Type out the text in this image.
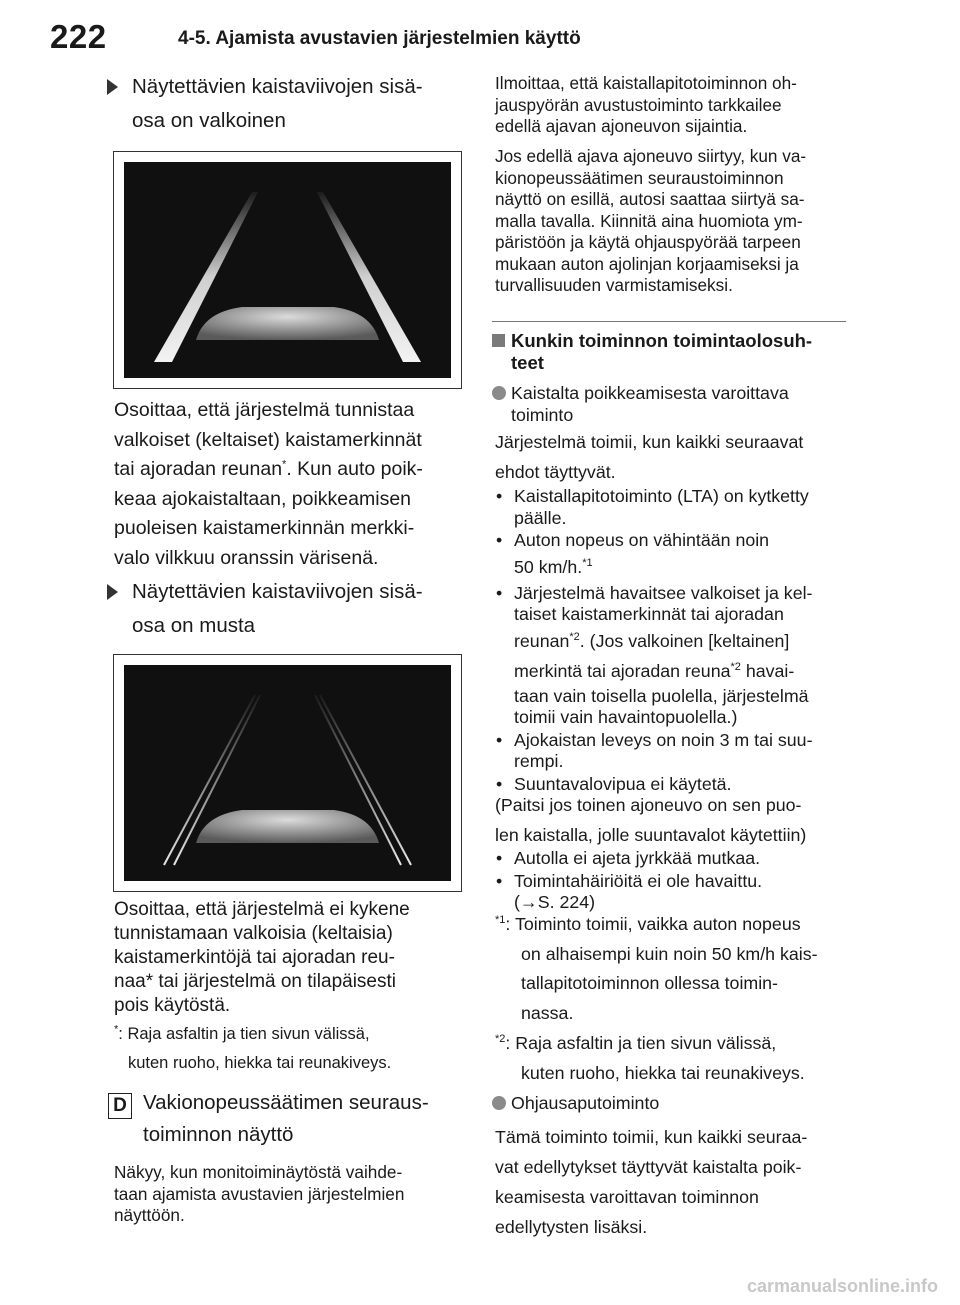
222	4-5. Ajamista avustavien järjestelmien käyttö
Näytettävien kaistaviivojen sisä-
osa on valkoinen

Osoittaa, että järjestelmä tunnistaa
valkoiset (keltaiset) kaistamerkinnät
tai ajoradan reunan*. Kun auto poik-
keaa ajokaistaltaan, poikkeamisen
puoleisen kaistamerkinnän merkki-
valo vilkkuu oranssin värisenä.

Näytettävien kaistaviivojen sisä-
osa on musta

Osoittaa, että järjestelmä ei kykene
tunnistamaan valkoisia (keltaisia)
kaistamerkintöjä tai ajoradan reu-
naa* tai järjestelmä on tilapäisesti
pois käytöstä.

*: Raja asfaltin ja tien sivun välissä,
kuten ruoho, hiekka tai reunakiveys.
D Vakionopeussäätimen seuraus-
toiminnon näyttö
Näkyy, kun monitoiminäytöstä vaihde-
taan ajamista avustavien järjestelmien
näyttöön.
Ilmoittaa, että kaistallapitotoiminnon oh-
jauspyörän avustustoiminto tarkkailee
edellä ajavan ajoneuvon sijaintia.
Jos edellä ajava ajoneuvo siirtyy, kun va-
kionopeussäätimen seuraustoiminnon
näyttö on esillä, autosi saattaa siirtyä sa-
malla tavalla. Kiinnitä aina huomiota ym-
päristöön ja käytä ohjauspyörää tarpeen
mukaan auton ajolinjan korjaamiseksi ja
turvallisuuden varmistamiseksi.
Kunkin toiminnon toimintaolosuh-
teet
Kaistalta poikkeamisesta varoittava
toiminto
Järjestelmä toimii, kun kaikki seuraavat
ehdot täyttyvät.
• Kaistallapitotoiminto (LTA) on kytketty
päälle.
• Auton nopeus on vähintään noin
50 km/h.$^{*1}$
• Järjestelmä havaitsee valkoiset ja kel-
taiset kaistamerkinnät tai ajoradan
reunan$^{*2}$. (Jos valkoinen [keltainen]
merkintä tai ajoradan reuna$^{*2}$ havai-
taan vain toisella puolella, järjestelmä
toimii vain havaintopuolella.)
• Ajokaistan leveys on noin 3 m tai suu-
rempi.
• Suuntavalovipua ei käytetä.
(Paitsi jos toinen ajoneuvo on sen puo-
len kaistalla, jolle suuntavalot käytettiin)
• Autolla ei ajeta jyrkkää mutkaa.
• Toimintahäiriöitä ei ole havaittu.
(→S. 224)
$^{*1}$: Toiminto toimii, vaikka auton nopeus
on alhaisempi kuin noin 50 km/h kais-
tallapitotoiminnon ollessa toimin-
nassa.
$^{*2}$: Raja asfaltin ja tien sivun välissä,
kuten ruoho, hiekka tai reunakiveys.
Ohjausaputoiminto
Tämä toiminto toimii, kun kaikki seuraa-
vat edellytykset täyttyvät kaistalta poik-
keamisesta varoittavan toiminnon
edellytysten lisäksi.
carmanualsonline.info
